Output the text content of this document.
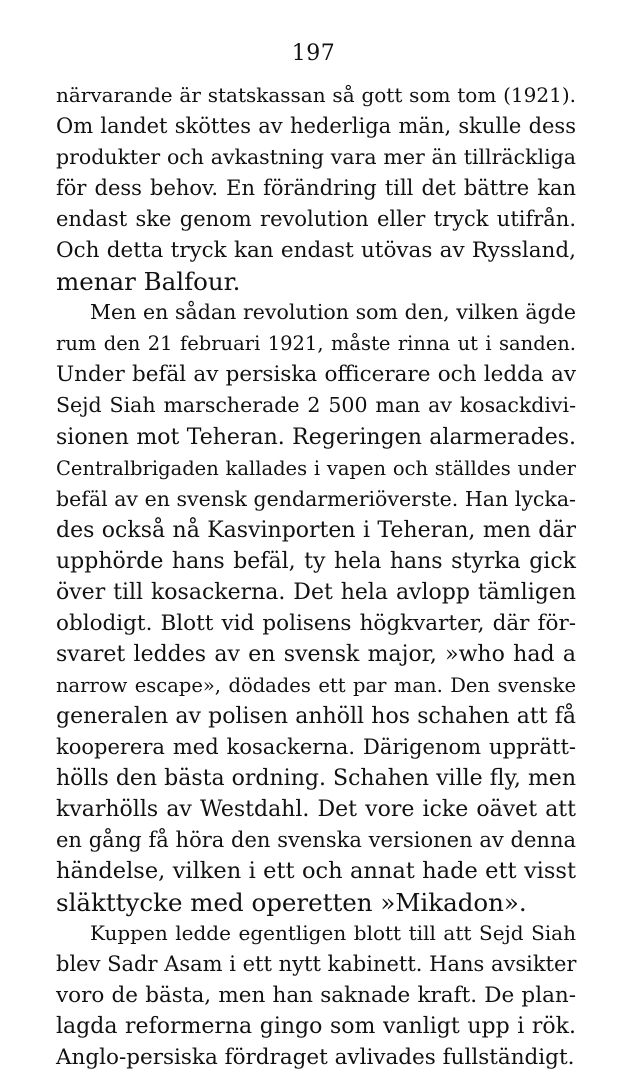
197
närvarande är statskassan så gott som tom (1921).
Om landet sköttes av hederliga män, skulle dess
produkter och avkastning vara mer än tillräckliga
för dess behov. En förändring till det bättre kan
endast ske genom revolution eller tryck utifrån.
Och detta tryck kan endast utövas av Ryssland,
menar Balfour.
Men en sådan revolution som den, vilken ägde
rum den 21 februari 1921, måste rinna ut i sanden.
Under befäl av persiska officerare och ledda av
Sejd Siah marscherade 2 500 man av kosackdivi-
sionen mot Teheran. Regeringen alarmerades.
Centralbrigaden kallades i vapen och ställdes under
befäl av en svensk gendarmeriöverste. Han lycka-
des också nå Kasvinporten i Teheran, men där
upphörde hans befäl, ty hela hans styrka gick
över till kosackerna. Det hela avlopp tämligen
oblodigt. Blott vid polisens högkvarter, där för-
svaret leddes av en svensk major, »who had a
narrow escape», dödades ett par man. Den svenske
generalen av polisen anhöll hos schahen att få
kooperera med kosackerna. Därigenom upprätt-
hölls den bästa ordning. Schahen ville fly, men
kvarhölls av Westdahl. Det vore icke oävet att
en gång få höra den svenska versionen av denna
händelse, vilken i ett och annat hade ett visst
släkttycke med operetten »Mikadon».
Kuppen ledde egentligen blott till att Sejd Siah
blev Sadr Asam i ett nytt kabinett. Hans avsikter
voro de bästa, men han saknade kraft. De plan-
lagda reformerna gingo som vanligt upp i rök.
Anglo-persiska fördraget avlivades fullständigt.
